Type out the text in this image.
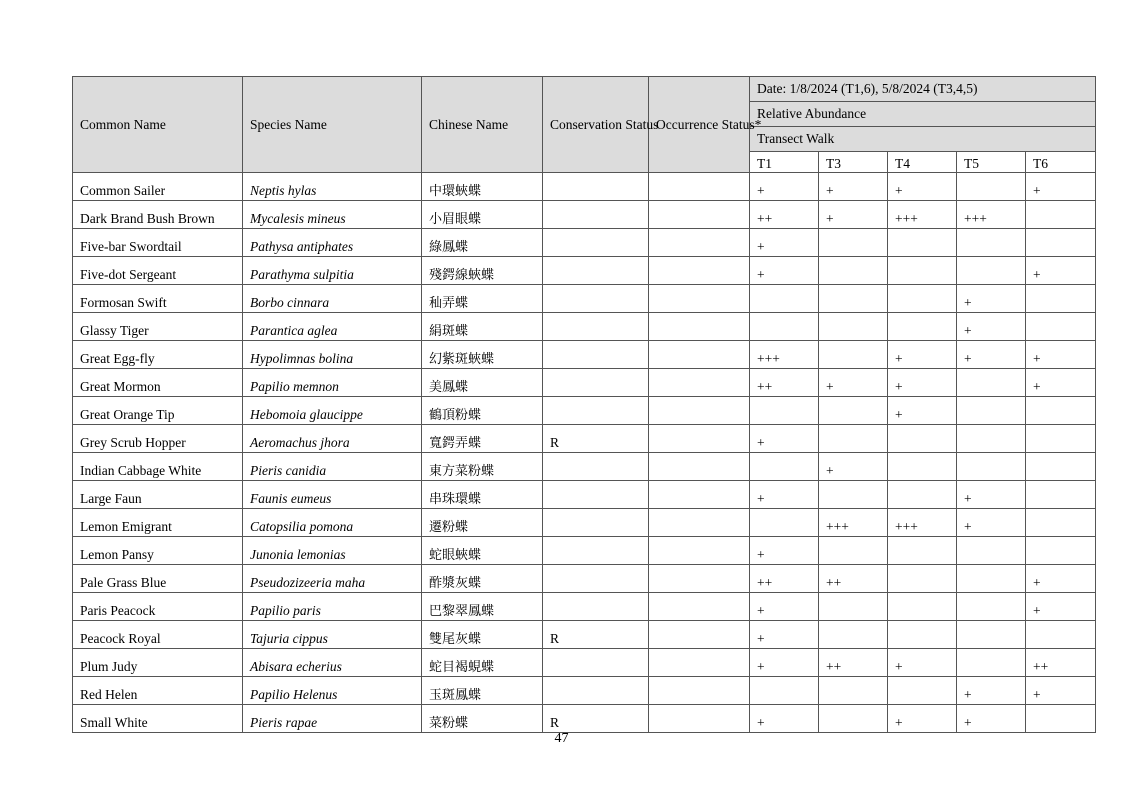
Common Name	Species Name	Chinese Name	Conservation Status	Occurrence Status*	Date: 1/8/2024 (T1,6), 5/8/2024 (T3,4,5)				
					Relative Abundance				
					Transect Walk				
					T1	T3	T4	T5	T6
Common Sailer	Neptis hylas	中環蛺蝶			+	+	+		+
Dark Brand Bush Brown	Mycalesis mineus	小眉眼蝶			++	+	+++	+++	
Five-bar Swordtail	Pathysa antiphates	綠鳳蝶			+				
Five-dot Sergeant	Parathyma sulpitia	殘鍔線蛺蝶			+				+
Formosan Swift	Borbo cinnara	秈弄蝶						+	
Glassy Tiger	Parantica aglea	絹斑蝶						+	
Great Egg-fly	Hypolimnas bolina	幻紫斑蛺蝶			+++		+	+	+
Great Mormon	Papilio memnon	美鳳蝶			++	+	+		+
Great Orange Tip	Hebomoia glaucippe	鶴頂粉蝶					+		
Grey Scrub Hopper	Aeromachus jhora	寬鍔弄蝶	R		+				
Indian Cabbage White	Pieris canidia	東方菜粉蝶				+			
Large Faun	Faunis eumeus	串珠環蝶			+			+	
Lemon Emigrant	Catopsilia pomona	遷粉蝶				+++	+++	+	
Lemon Pansy	Junonia lemonias	蛇眼蛺蝶			+				
Pale Grass Blue	Pseudozizeeria maha	酢漿灰蝶			++	++			+
Paris Peacock	Papilio paris	巴黎翠鳳蝶			+				+
Peacock Royal	Tajuria cippus	雙尾灰蝶	R		+				
Plum Judy	Abisara echerius	蛇目褐蜆蝶			+	++	+		++
Red Helen	Papilio Helenus	玉斑鳳蝶						+	+
Small White	Pieris rapae	菜粉蝶	R		+		+	+	
47
